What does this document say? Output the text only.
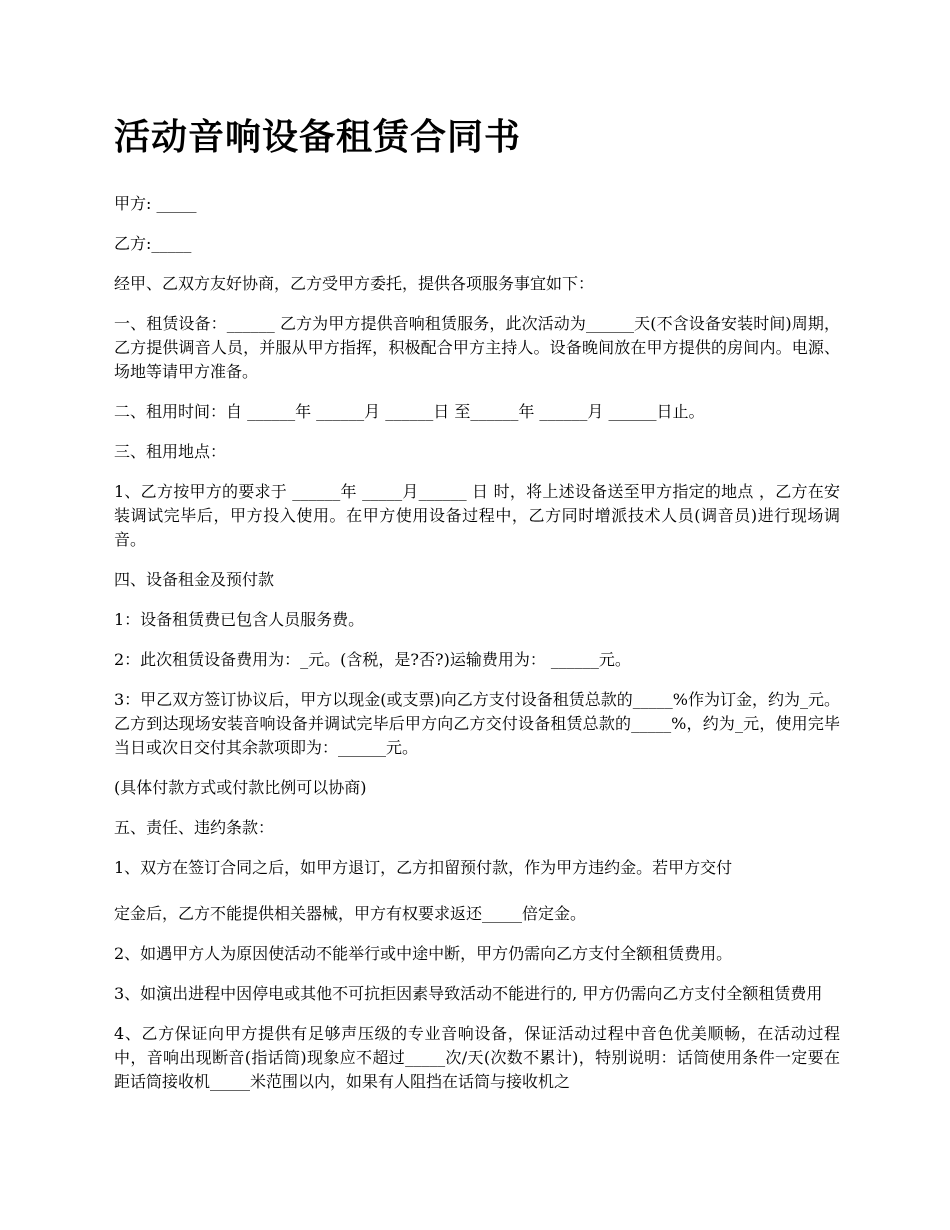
活动音响设备租赁合同书

甲方: _____

乙方:_____

经甲、乙双方友好协商，乙方受甲方委托，提供各项服务事宜如下：

一、租赁设备：______ 乙方为甲方提供音响租赁服务，此次活动为______天(不含设备安装时间)周期，乙方提供调音人员，并服从甲方指挥，积极配合甲方主持人。设备晚间放在甲方提供的房间内。电源、场地等请甲方准备。

二、租用时间：自 ______年 ______月 ______日 至______年 ______月 ______日止。

三、租用地点：

1、乙方按甲方的要求于 ______年 _____月______ 日 时，将上述设备送至甲方指定的地点 ，乙方在安装调试完毕后，甲方投入使用。在甲方使用设备过程中，乙方同时增派技术人员(调音员)进行现场调音。

四、设备租金及预付款

1：设备租赁费已包含人员服务费。

2：此次租赁设备费用为：_元。(含税，是?否?)运输费用为： ______元。

3：甲乙双方签订协议后，甲方以现金(或支票)向乙方支付设备租赁总款的_____%作为订金，约为_元。乙方到达现场安装音响设备并调试完毕后甲方向乙方交付设备租赁总款的_____%，约为_元，使用完毕当日或次日交付其余款项即为：______元。

(具体付款方式或付款比例可以协商)

五、责任、违约条款：

1、双方在签订合同之后，如甲方退订，乙方扣留预付款，作为甲方违约金。若甲方交付

定金后，乙方不能提供相关器械，甲方有权要求返还_____倍定金。

2、如遇甲方人为原因使活动不能举行或中途中断，甲方仍需向乙方支付全额租赁费用。

3、如演出进程中因停电或其他不可抗拒因素导致活动不能进行的, 甲方仍需向乙方支付全额租赁费用

4、乙方保证向甲方提供有足够声压级的专业音响设备，保证活动过程中音色优美顺畅，在活动过程中，音响出现断音(指话筒)现象应不超过_____次/天(次数不累计)，特别说明：话筒使用条件一定要在距话筒接收机_____米范围以内，如果有人阻挡在话筒与接收机之
